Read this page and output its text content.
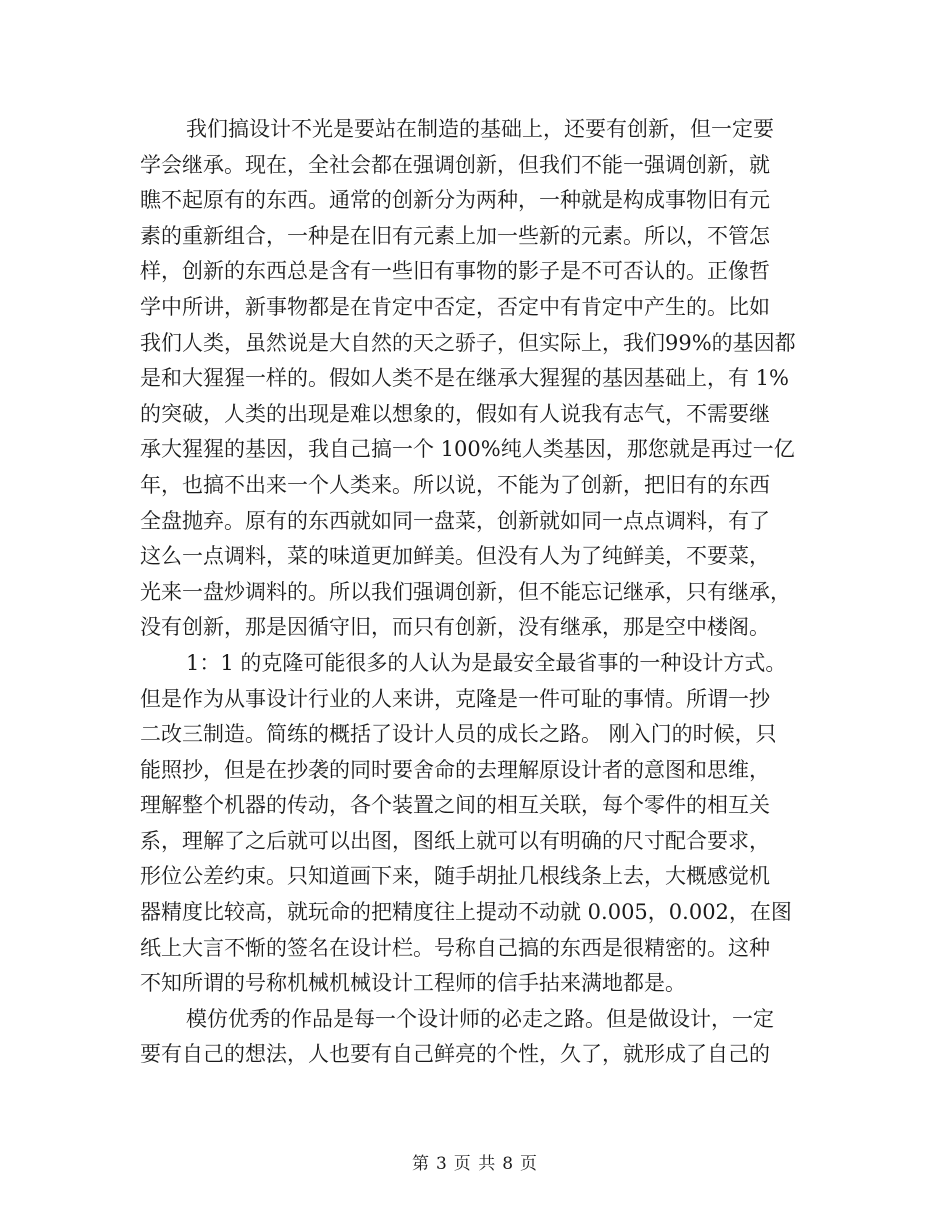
我们搞设计不光是要站在制造的基础上，还要有创新，但一定要
学会继承。现在，全社会都在强调创新，但我们不能一强调创新，就
瞧不起原有的东西。通常的创新分为两种，一种就是构成事物旧有元
素的重新组合，一种是在旧有元素上加一些新的元素。所以，不管怎
样，创新的东西总是含有一些旧有事物的影子是不可否认的。正像哲
学中所讲，新事物都是在肯定中否定，否定中有肯定中产生的。比如
我们人类，虽然说是大自然的天之骄子，但实际上，我们99%的基因都
是和大猩猩一样的。假如人类不是在继承大猩猩的基因基础上，有 1%
的突破，人类的出现是难以想象的，假如有人说我有志气，不需要继
承大猩猩的基因，我自己搞一个 100%纯人类基因，那您就是再过一亿
年，也搞不出来一个人类来。所以说，不能为了创新，把旧有的东西
全盘抛弃。原有的东西就如同一盘菜，创新就如同一点点调料，有了
这么一点调料，菜的味道更加鲜美。但没有人为了纯鲜美，不要菜，
光来一盘炒调料的。所以我们强调创新，但不能忘记继承，只有继承，
没有创新，那是因循守旧，而只有创新，没有继承，那是空中楼阁。
1：1 的克隆可能很多的人认为是最安全最省事的一种设计方式。
但是作为从事设计行业的人来讲，克隆是一件可耻的事情。所谓一抄
二改三制造。简练的概括了设计人员的成长之路。 刚入门的时候，只
能照抄，但是在抄袭的同时要舍命的去理解原设计者的意图和思维，
理解整个机器的传动，各个装置之间的相互关联，每个零件的相互关
系，理解了之后就可以出图，图纸上就可以有明确的尺寸配合要求，
形位公差约束。只知道画下来，随手胡扯几根线条上去，大概感觉机
器精度比较高，就玩命的把精度往上提动不动就 0.005，0.002，在图
纸上大言不惭的签名在设计栏。号称自己搞的东西是很精密的。这种
不知所谓的号称机械机械设计工程师的信手拈来满地都是。
模仿优秀的作品是每一个设计师的必走之路。但是做设计，一定
要有自己的想法，人也要有自己鲜亮的个性，久了，就形成了自己的
第 3 页 共 8 页
